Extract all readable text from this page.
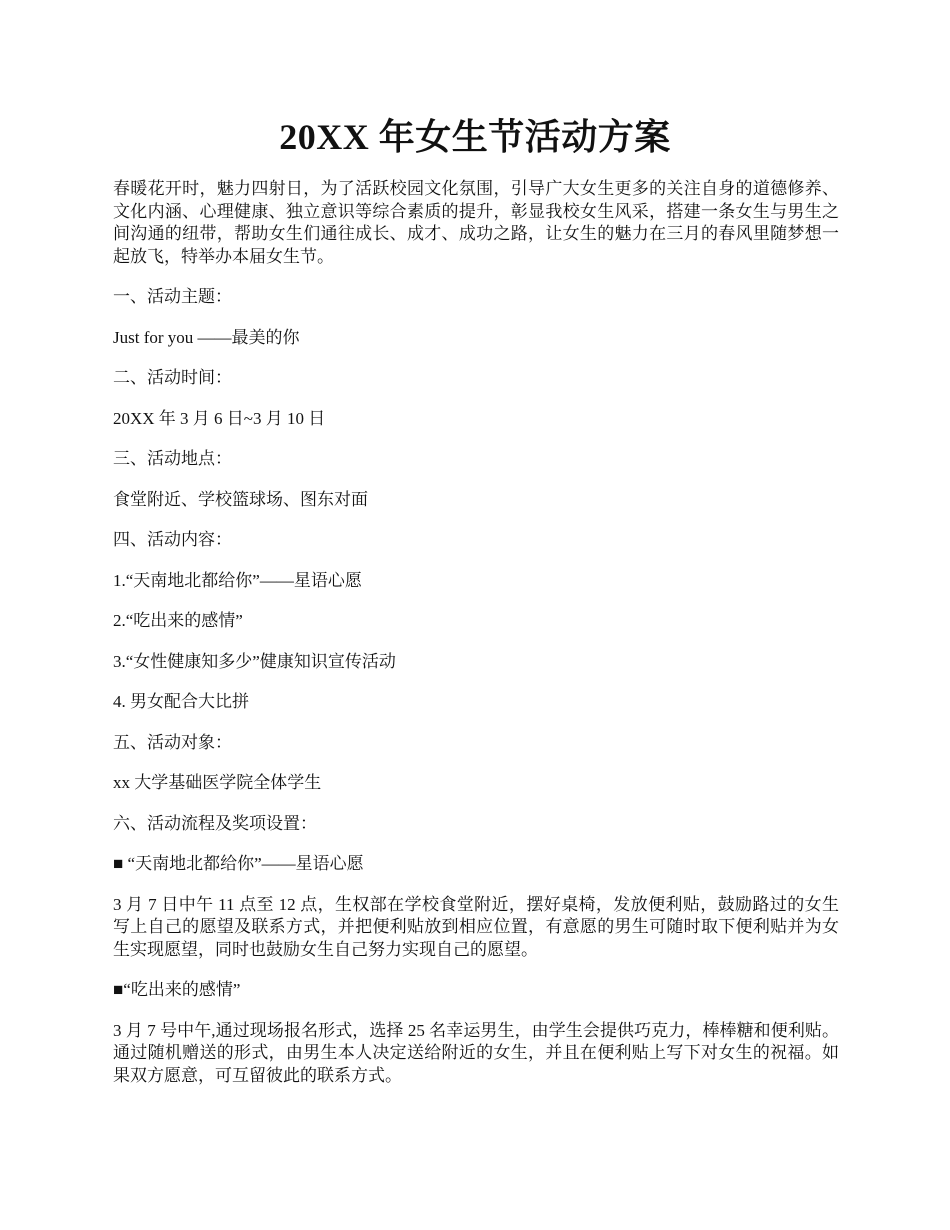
20XX 年女生节活动方案

春暖花开时，魅力四射日，为了活跃校园文化氛围，引导广大女生更多的关注自身的道德修养、文化内涵、心理健康、独立意识等综合素质的提升，彰显我校女生风采，搭建一条女生与男生之间沟通的纽带，帮助女生们通往成长、成才、成功之路，让女生的魅力在三月的春风里随梦想一起放飞，特举办本届女生节。

一、活动主题：

Just for you ——最美的你

二、活动时间：

20XX 年 3 月 6 日~3 月 10 日

三、活动地点：

食堂附近、学校篮球场、图东对面

四、活动内容：

1.“天南地北都给你”——星语心愿

2.“吃出来的感情”

3.“女性健康知多少”健康知识宣传活动

4. 男女配合大比拼

五、活动对象：

xx 大学基础医学院全体学生

六、活动流程及奖项设置：

■ “天南地北都给你”——星语心愿

3 月 7 日中午 11 点至 12 点，生权部在学校食堂附近，摆好桌椅，发放便利贴，鼓励路过的女生写上自己的愿望及联系方式，并把便利贴放到相应位置，有意愿的男生可随时取下便利贴并为女生实现愿望，同时也鼓励女生自己努力实现自己的愿望。

■“吃出来的感情”

3 月 7 号中午,通过现场报名形式，选择 25 名幸运男生，由学生会提供巧克力，棒棒糖和便利贴。通过随机赠送的形式，由男生本人决定送给附近的女生，并且在便利贴上写下对女生的祝福。如果双方愿意，可互留彼此的联系方式。
